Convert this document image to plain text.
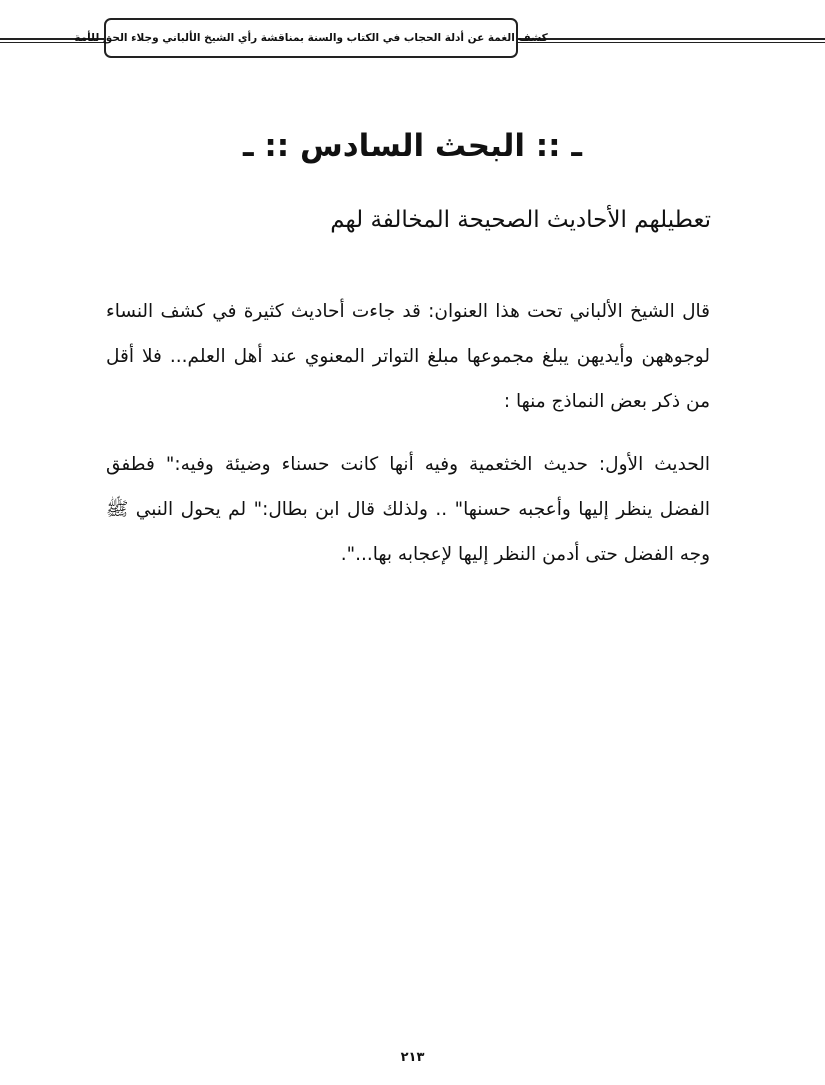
كشف الغمة عن أدلة الحجاب في الكتاب والسنة بمناقشة رأي الشيخ الألباني وجلاء الحق للأمة
ـ :: البحث السادس :: ـ
تعطيلهم الأحاديث الصحيحة المخالفة لهم

قال الشيخ الألباني تحت هذا العنوان: قد جاءت أحاديث كثيرة في كشف النساء لوجوههن وأيديهن يبلغ مجموعها مبلغ التواتر المعنوي عند أهل العلم... فلا أقل من ذكر بعض النماذج منها :

الحديث الأول: حديث الخثعمية وفيه أنها كانت حسناء وضيئة وفيه:" فطفق الفضل ينظر إليها وأعجبه حسنها" .. ولذلك قال ابن بطال:" لم يحول النبي ﷺ وجه الفضل حتى أدمن النظر إليها لإعجابه بها...".

٢١٣
